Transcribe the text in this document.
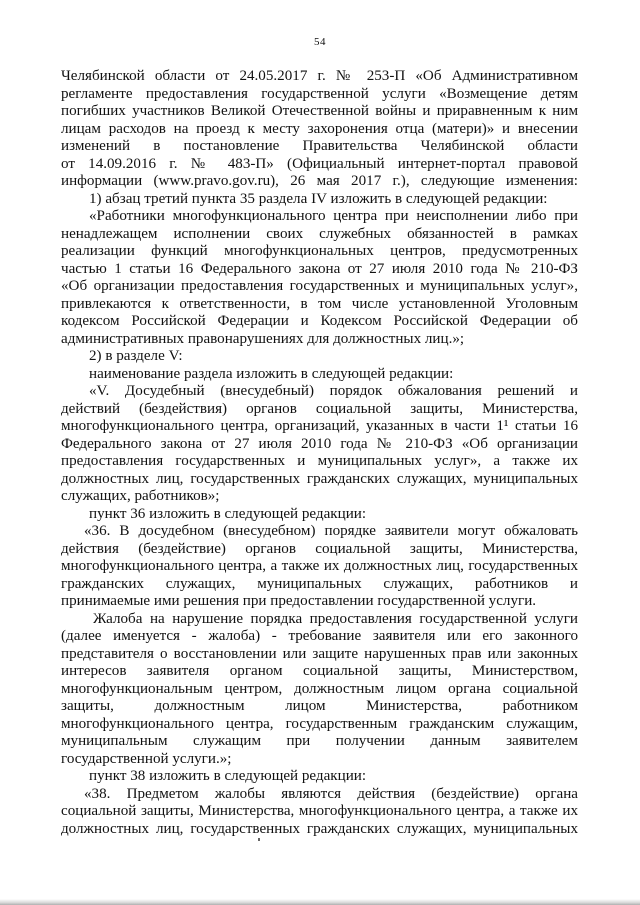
54
Челябинской области от 24.05.2017 г. № 253-П «Об Административном
регламенте предоставления государственной услуги «Возмещение детям
погибших участников Великой Отечественной войны и приравненным к ним
лицам расходов на проезд к месту захоронения отца (матери)» и внесении
изменений в постановление Правительства Челябинской области
от 14.09.2016 г. № 483-П» (Официальный интернет-портал правовой
информации (www.pravo.gov.ru), 26 мая 2017 г.), следующие изменения:
1) абзац третий пункта 35 раздела IV изложить в следующей редакции:
«Работники многофункционального центра при неисполнении либо при
ненадлежащем исполнении своих служебных обязанностей в рамках
реализации функций многофункциональных центров, предусмотренных
частью 1 статьи 16 Федерального закона от 27 июля 2010 года № 210-ФЗ
«Об организации предоставления государственных и муниципальных услуг»,
привлекаются к ответственности, в том числе установленной Уголовным
кодексом Российской Федерации и Кодексом Российской Федерации об
административных правонарушениях для должностных лиц.»;
2) в разделе V:
наименование раздела изложить в следующей редакции:
«V. Досудебный (внесудебный) порядок обжалования решений и
действий (бездействия) органов социальной защиты, Министерства,
многофункционального центра, организаций, указанных в части 1¹ статьи 16
Федерального закона от 27 июля 2010 года № 210-ФЗ «Об организации
предоставления государственных и муниципальных услуг», а также их
должностных лиц, государственных гражданских служащих, муниципальных
служащих, работников»;
пункт 36 изложить в следующей редакции:
«36. В досудебном (внесудебном) порядке заявители могут обжаловать
действия (бездействие) органов социальной защиты, Министерства,
многофункционального центра, а также их должностных лиц, государственных
гражданских служащих, муниципальных служащих, работников и
принимаемые ими решения при предоставлении государственной услуги.
Жалоба на нарушение порядка предоставления государственной услуги
(далее именуется - жалоба) - требование заявителя или его законного
представителя о восстановлении или защите нарушенных прав или законных
интересов заявителя органом социальной защиты, Министерством,
многофункциональным центром, должностным лицом органа социальной
защиты, должностным лицом Министерства, работником
многофункционального центра, государственным гражданским служащим,
муниципальным служащим при получении данным заявителем
государственной услуги.»;
пункт 38 изложить в следующей редакции:
«38. Предметом жалобы являются действия (бездействие) органа
социальной защиты, Министерства, многофункционального центра, а также их
должностных лиц, государственных гражданских служащих, муниципальных
